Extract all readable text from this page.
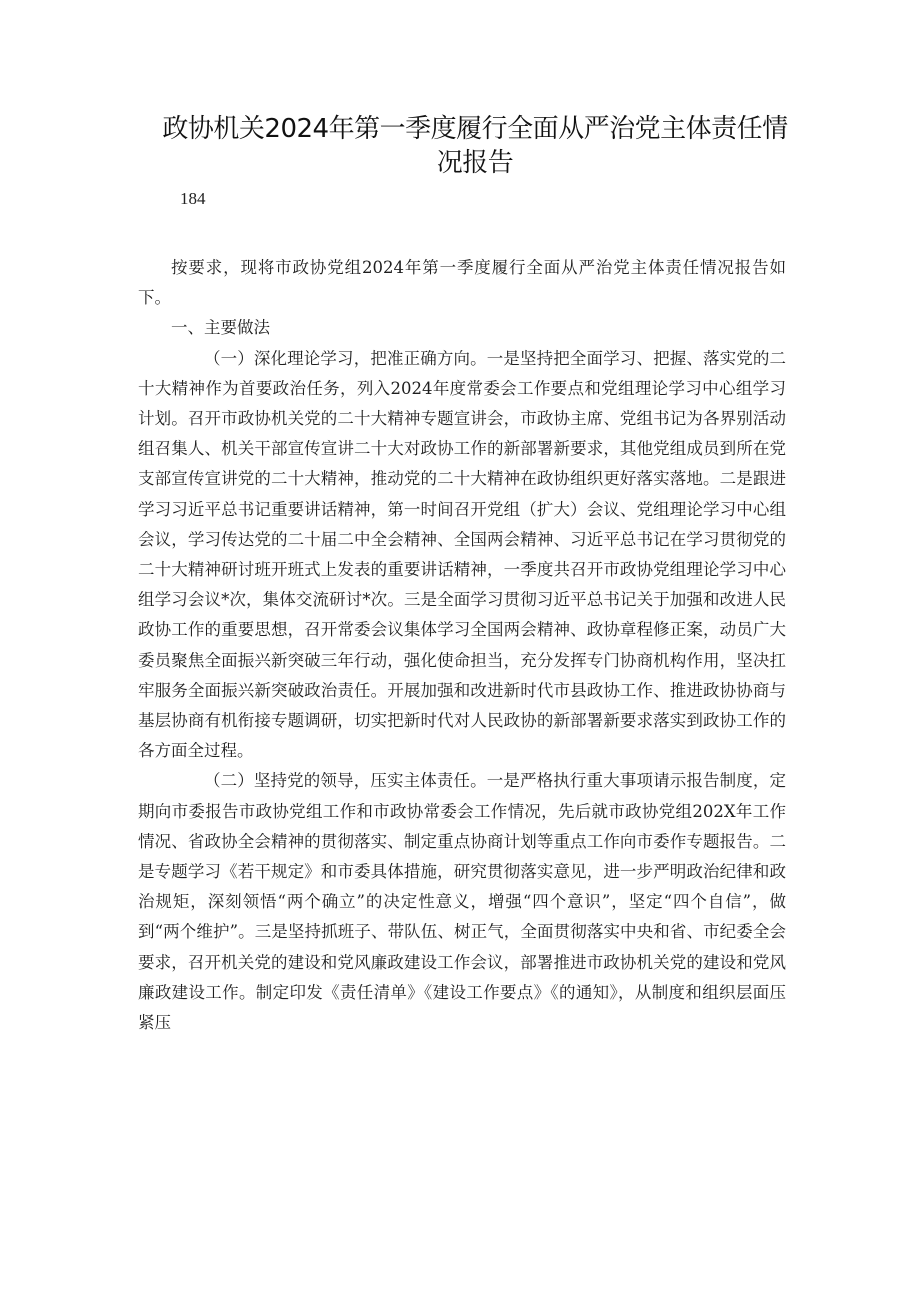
政协机关2024年第一季度履行全面从严治党主体责任情况报告
184

按要求，现将市政协党组2024年第一季度履行全面从严治党主体责任情况报告如下。

一、主要做法

（一）深化理论学习，把准正确方向。一是坚持把全面学习、把握、落实党的二十大精神作为首要政治任务，列入2024年度常委会工作要点和党组理论学习中心组学习计划。召开市政协机关党的二十大精神专题宣讲会，市政协主席、党组书记为各界别活动组召集人、机关干部宣传宣讲二十大对政协工作的新部署新要求，其他党组成员到所在党支部宣传宣讲党的二十大精神，推动党的二十大精神在政协组织更好落实落地。二是跟进学习习近平总书记重要讲话精神，第一时间召开党组（扩大）会议、党组理论学习中心组会议，学习传达党的二十届二中全会精神、全国两会精神、习近平总书记在学习贯彻党的二十大精神研讨班开班式上发表的重要讲话精神，一季度共召开市政协党组理论学习中心组学习会议*次，集体交流研讨*次。三是全面学习贯彻习近平总书记关于加强和改进人民政协工作的重要思想，召开常委会议集体学习全国两会精神、政协章程修正案，动员广大委员聚焦全面振兴新突破三年行动，强化使命担当，充分发挥专门协商机构作用，坚决扛牢服务全面振兴新突破政治责任。开展加强和改进新时代市县政协工作、推进政协协商与基层协商有机衔接专题调研，切实把新时代对人民政协的新部署新要求落实到政协工作的各方面全过程。

（二）坚持党的领导，压实主体责任。一是严格执行重大事项请示报告制度，定期向市委报告市政协党组工作和市政协常委会工作情况，先后就市政协党组202X年工作情况、省政协全会精神的贯彻落实、制定重点协商计划等重点工作向市委作专题报告。二是专题学习《若干规定》和市委具体措施，研究贯彻落实意见，进一步严明政治纪律和政治规矩，深刻领悟“两个确立”的决定性意义，增强“四个意识”，坚定“四个自信”，做到“两个维护”。三是坚持抓班子、带队伍、树正气，全面贯彻落实中央和省、市纪委全会要求，召开机关党的建设和党风廉政建设工作会议，部署推进市政协机关党的建设和党风廉政建设工作。制定印发《责任清单》《建设工作要点》《的通知》，从制度和组织层面压紧压
